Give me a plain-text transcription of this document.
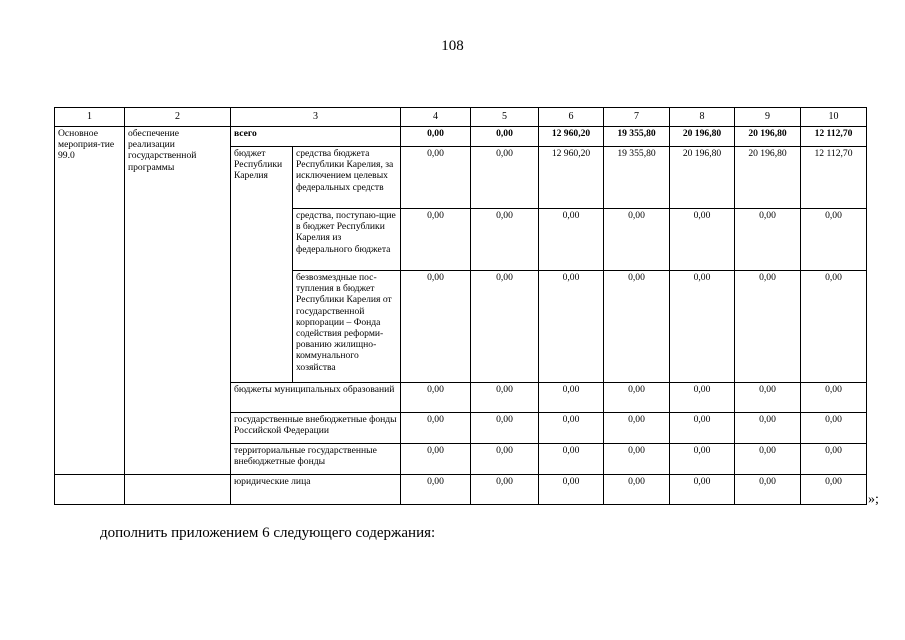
108
1	2	3		4	5	6	7	8	9	10
Основное мероприя-тие 99.0	обеспечение реализации государственной программы	всего		0,00	0,00	12 960,20	19 355,80	20 196,80	20 196,80	12 112,70
		бюджет Республики Карелия	средства бюджета Республики Карелия, за исключением целевых федеральных средств	0,00	0,00	12 960,20	19 355,80	20 196,80	20 196,80	12 112,70
			средства, поступаю-щие в бюджет Республики Карелия из федерального бюджета	0,00	0,00	0,00	0,00	0,00	0,00	0,00
			безвозмездные пос-тупления в бюджет Республики Карелия от государственной корпорации – Фонда содействия реформи-рованию жилищно-коммунального хозяйства	0,00	0,00	0,00	0,00	0,00	0,00	0,00
		бюджеты муниципальных образований		0,00	0,00	0,00	0,00	0,00	0,00	0,00
		государственные внебюджетные фонды Российской Федерации		0,00	0,00	0,00	0,00	0,00	0,00	0,00
		территориальные государственные внебюджетные фонды		0,00	0,00	0,00	0,00	0,00	0,00	0,00
		юридические лица		0,00	0,00	0,00	0,00	0,00	0,00	0,00
»;
дополнить приложением 6 следующего содержания:
